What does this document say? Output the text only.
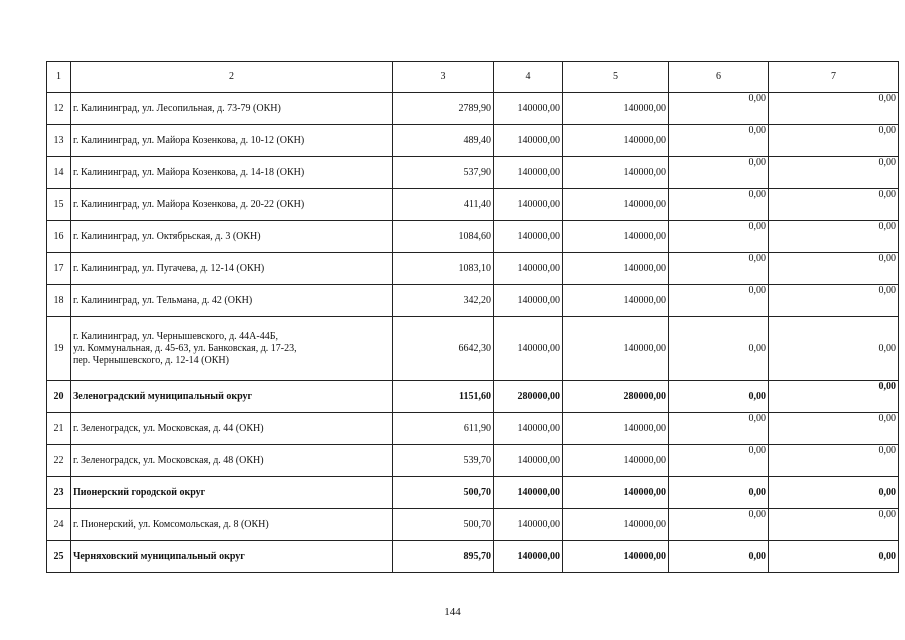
1	2	3	4	5	6	7
12	г. Калининград, ул. Лесопильная, д. 73-79 (ОКН)	2789,90	140000,00	140000,00	0,00	0,00
13	г. Калининград, ул. Майора Козенкова, д. 10-12 (ОКН)	489,40	140000,00	140000,00	0,00	0,00
14	г. Калининград, ул. Майора Козенкова, д. 14-18 (ОКН)	537,90	140000,00	140000,00	0,00	0,00
15	г. Калининград, ул. Майора Козенкова, д. 20-22 (ОКН)	411,40	140000,00	140000,00	0,00	0,00
16	г. Калининград, ул. Октябрьская, д. 3 (ОКН)	1084,60	140000,00	140000,00	0,00	0,00
17	г. Калининград, ул. Пугачева, д. 12-14 (ОКН)	1083,10	140000,00	140000,00	0,00	0,00
18	г. Калининград, ул. Тельмана, д. 42 (ОКН)	342,20	140000,00	140000,00	0,00	0,00
19	г. Калининград, ул. Чернышевского, д. 44А-44Б,
ул. Коммунальная, д. 45-63, ул. Банковская, д. 17-23,
пер. Чернышевского, д. 12-14 (ОКН)	6642,30	140000,00	140000,00	0,00	0,00
20	Зеленоградский муниципальный округ	1151,60	280000,00	280000,00	0,00	0,00
21	г. Зеленоградск, ул. Московская, д. 44 (ОКН)	611,90	140000,00	140000,00	0,00	0,00
22	г. Зеленоградск, ул. Московская, д. 48 (ОКН)	539,70	140000,00	140000,00	0,00	0,00
23	Пионерский городской округ	500,70	140000,00	140000,00	0,00	0,00
24	г. Пионерский, ул. Комсомольская, д. 8 (ОКН)	500,70	140000,00	140000,00	0,00	0,00
25	Черняховский муниципальный округ	895,70	140000,00	140000,00	0,00	0,00
144
